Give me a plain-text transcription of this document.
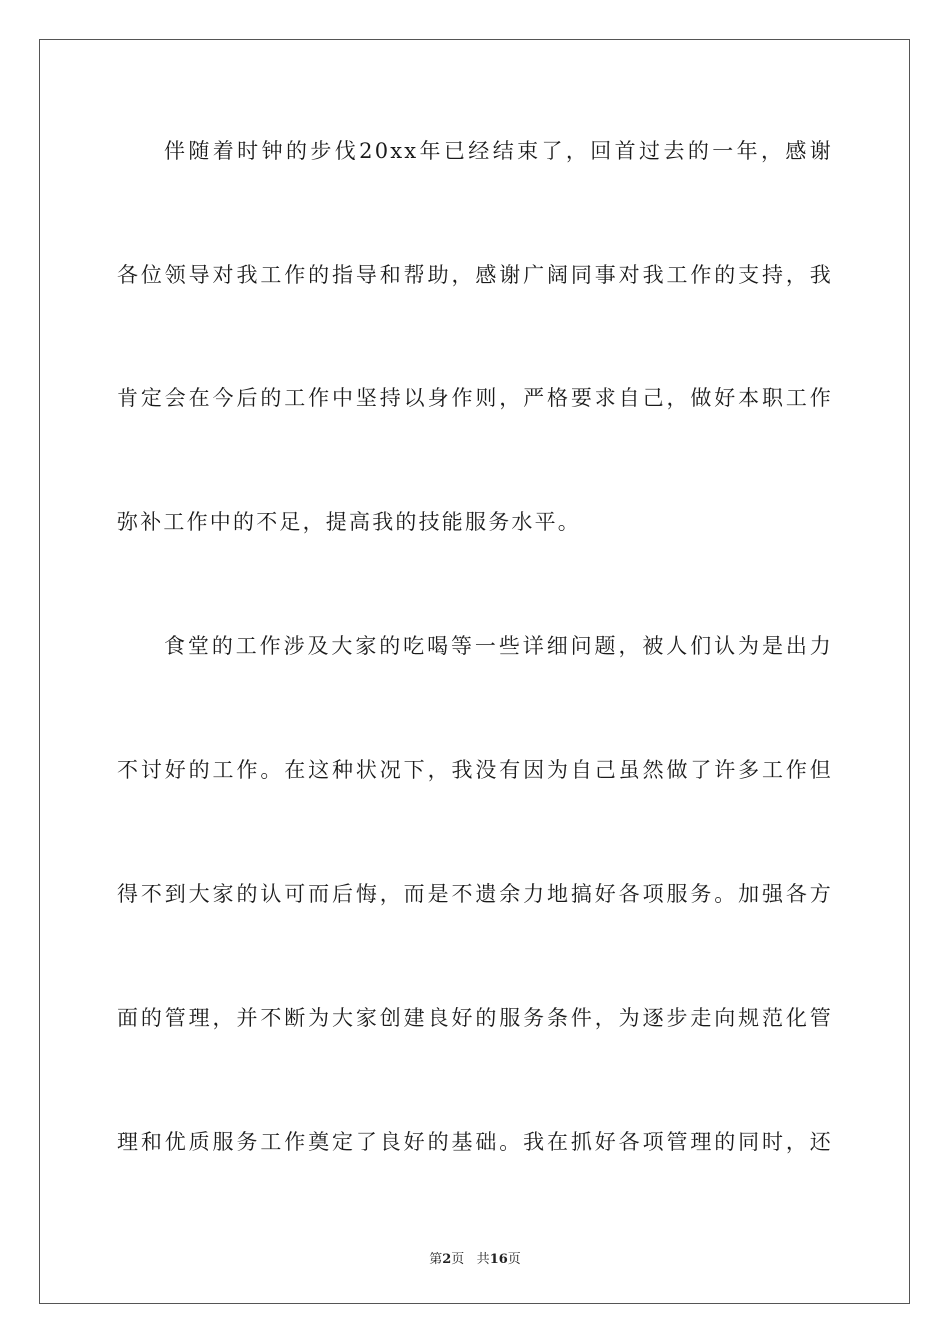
伴随着时钟的步伐20xx年已经结束了，回首过去的一年，感谢
各位领导对我工作的指导和帮助，感谢广阔同事对我工作的支持，我
肯定会在今后的工作中坚持以身作则，严格要求自己，做好本职工作
弥补工作中的不足，提高我的技能服务水平。
食堂的工作涉及大家的吃喝等一些详细问题，被人们认为是出力
不讨好的工作。在这种状况下，我没有因为自己虽然做了许多工作但
得不到大家的认可而后悔，而是不遗余力地搞好各项服务。加强各方
面的管理，并不断为大家创建良好的服务条件，为逐步走向规范化管
理和优质服务工作奠定了良好的基础。我在抓好各项管理的同时，还
第2页 共16页
